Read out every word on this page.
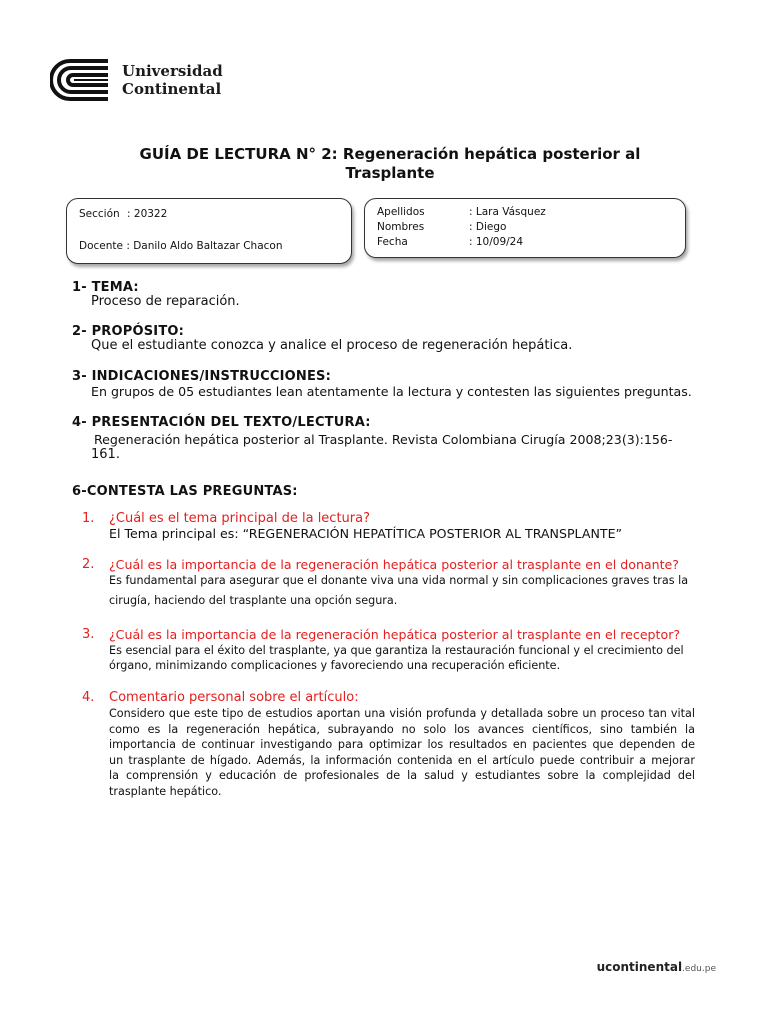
Universidad
Continental
GUÍA DE LECTURA N° 2: Regeneración hepática posterior al
Trasplante
Sección : 20322
Docente : Danilo Aldo Baltazar Chacon
Apellidos	: Lara Vásquez
Nombres	: Diego
Fecha	: 10/09/24
1- TEMA:
Proceso de reparación.
2- PROPÓSITO:
Que el estudiante conozca y analice el proceso de regeneración hepática.
3- INDICACIONES/INSTRUCCIONES:
En grupos de 05 estudiantes lean atentamente la lectura y contesten las siguientes preguntas.
4- PRESENTACIÓN DEL TEXTO/LECTURA:
Regeneración hepática posterior al Trasplante. Revista Colombiana Cirugía 2008;23(3):156-
161.
6-CONTESTA LAS PREGUNTAS:
1. ¿Cuál es el tema principal de la lectura?
El Tema principal es: “REGENERACIÓN HEPATÍTICA POSTERIOR AL TRANSPLANTE”
2. ¿Cuál es la importancia de la regeneración hepática posterior al trasplante en el donante?
Es fundamental para asegurar que el donante viva una vida normal y sin complicaciones graves tras la
cirugía, haciendo del trasplante una opción segura.
3. ¿Cuál es la importancia de la regeneración hepática posterior al trasplante en el receptor?
Es esencial para el éxito del trasplante, ya que garantiza la restauración funcional y el crecimiento del
órgano, minimizando complicaciones y favoreciendo una recuperación eficiente.
4. Comentario personal sobre el artículo:
Considero que este tipo de estudios aportan una visión profunda y detallada sobre un proceso tan vital
como es la regeneración hepática, subrayando no solo los avances científicos, sino también la
importancia de continuar investigando para optimizar los resultados en pacientes que dependen de
un trasplante de hígado. Además, la información contenida en el artículo puede contribuir a mejorar
la comprensión y educación de profesionales de la salud y estudiantes sobre la complejidad del
trasplante hepático.
ucontinental.edu.pe
